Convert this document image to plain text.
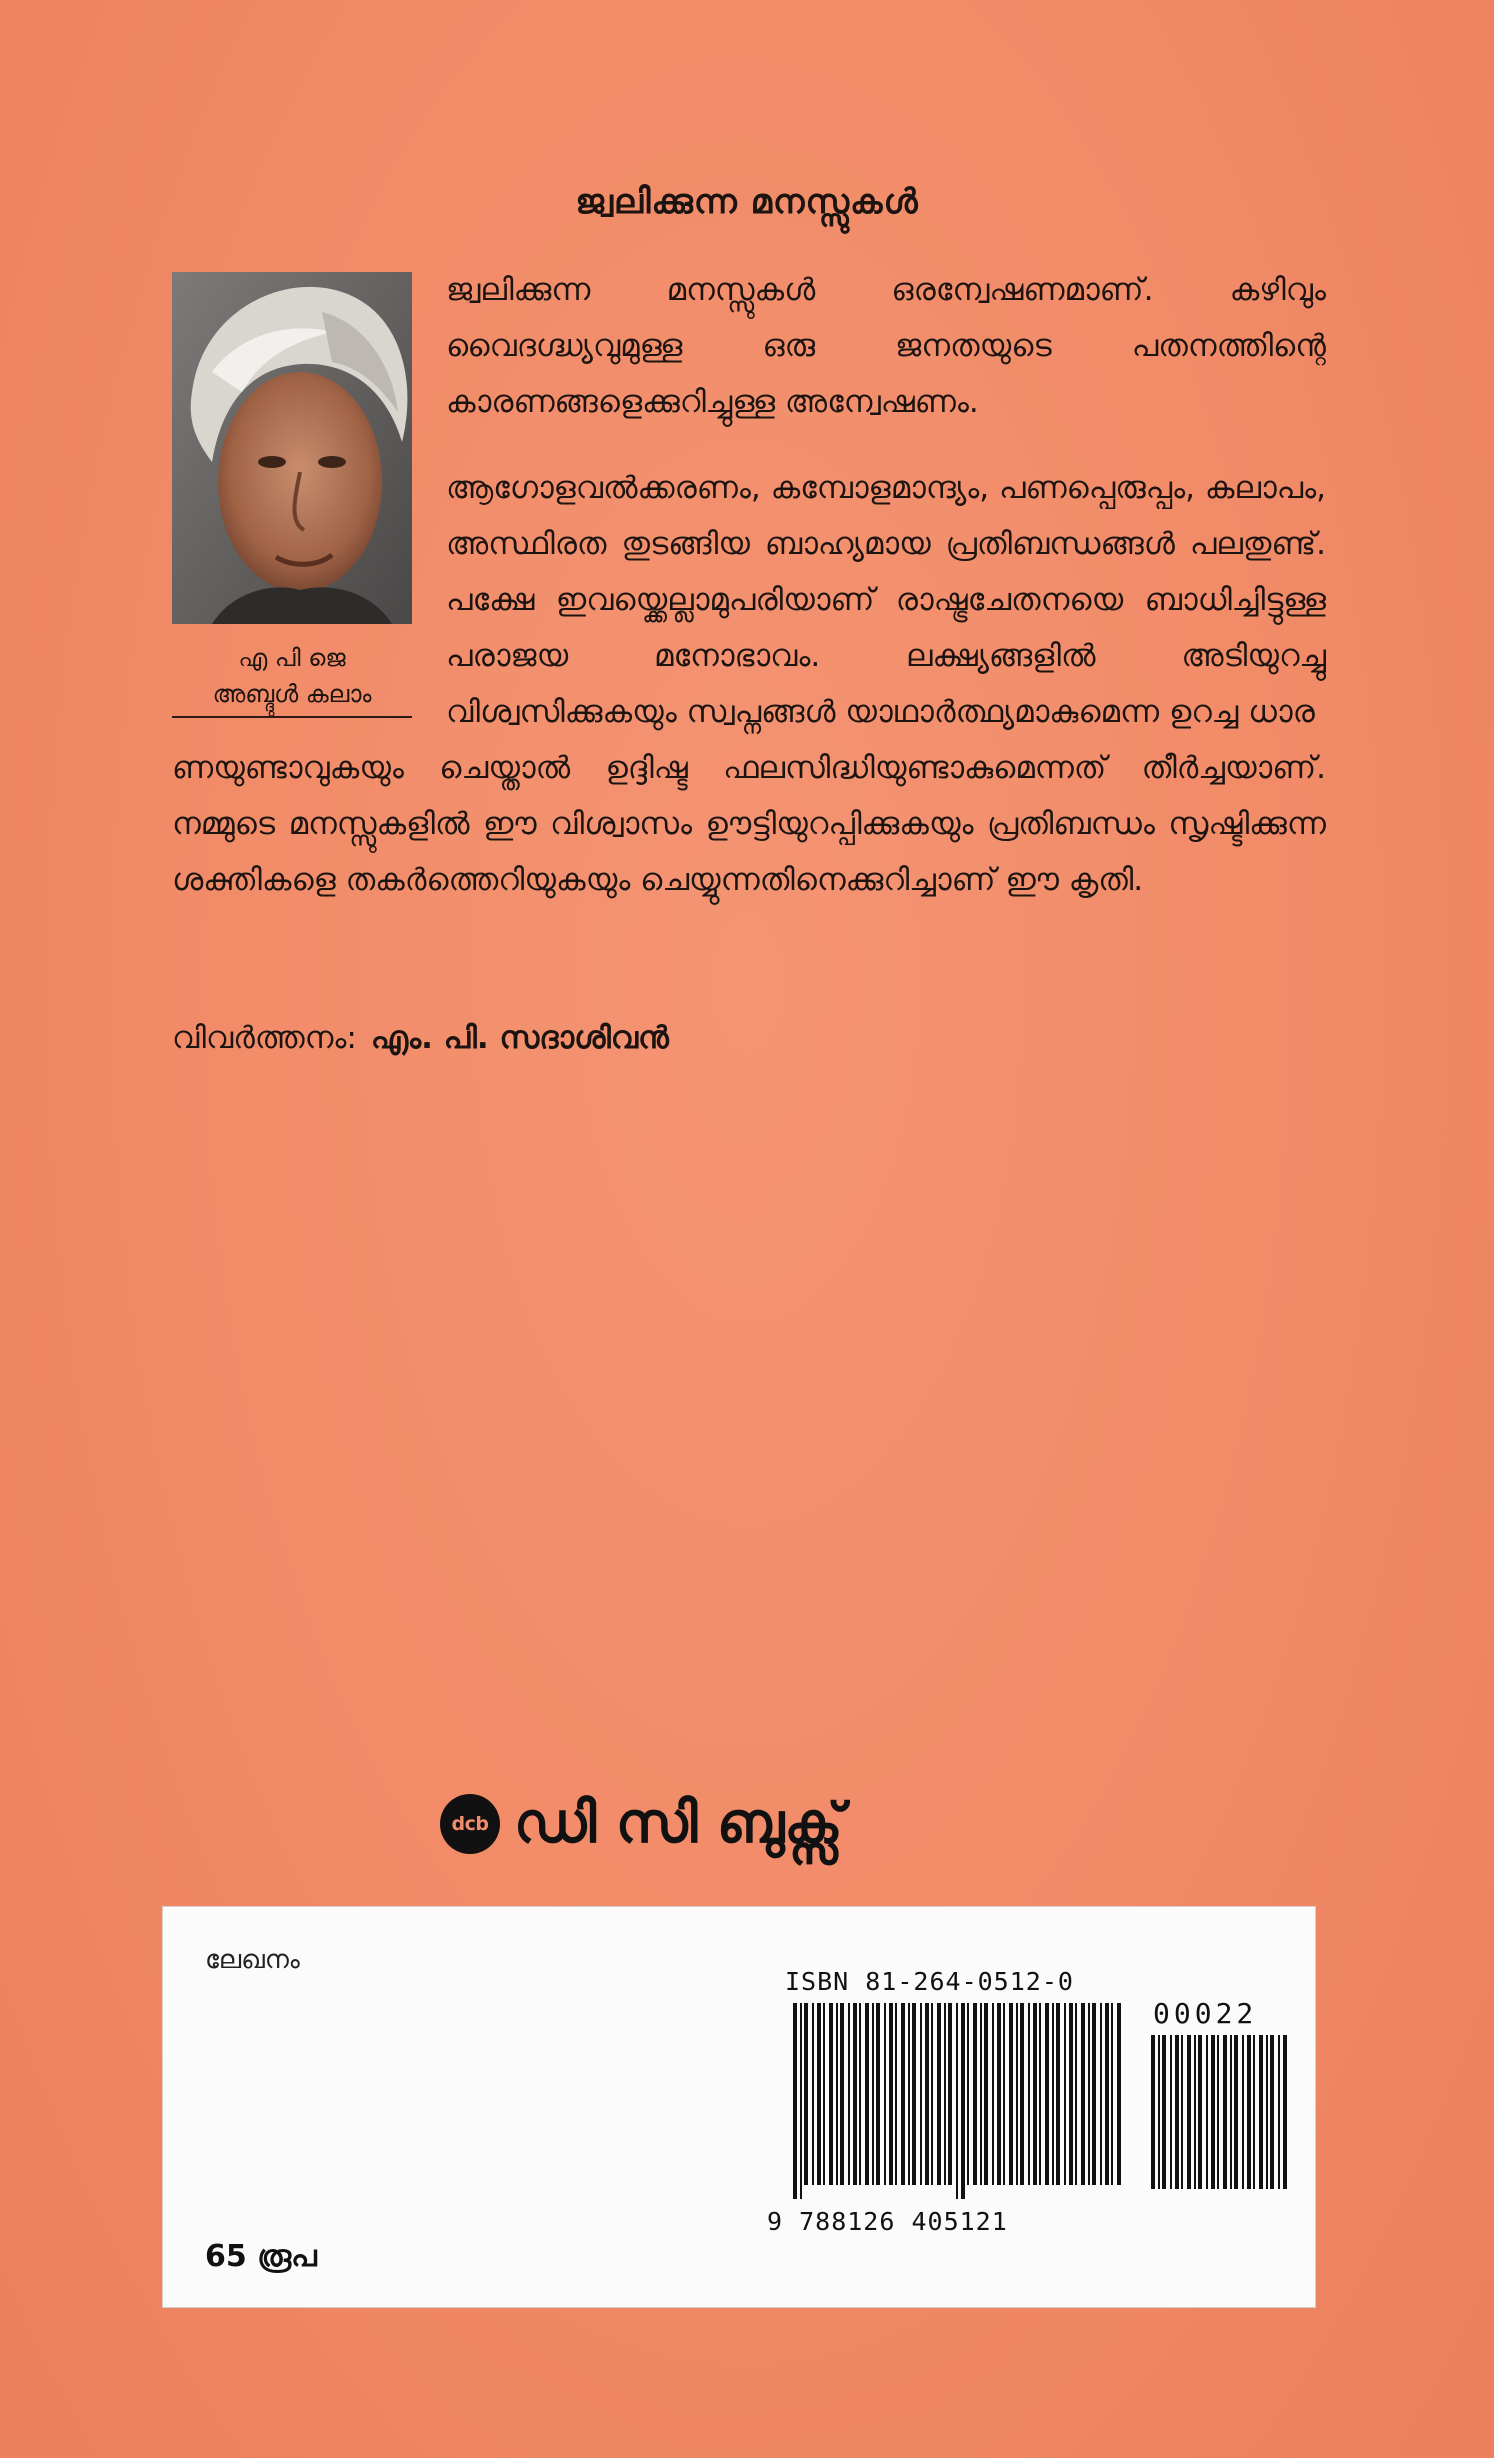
ജ്വലിക്കുന്ന മനസ്സുകൾ
എ പി ജെ
അബ്ദുൾ കലാം
ജ്വലിക്കുന്ന മനസ്സുകൾ ഒരന്വേഷണമാണ്. കഴിവും വൈദഗ്ദ്ധ്യവുമുള്ള ഒരു ജനതയുടെ പതനത്തിന്റെ കാരണങ്ങളെക്കുറിച്ചുള്ള അന്വേഷണം.
ആഗോളവൽക്കരണം, കമ്പോളമാന്ദ്യം, പണപ്പെരുപ്പം, കലാപം, അസ്ഥിരത തുടങ്ങിയ ബാഹ്യമായ പ്രതിബന്ധങ്ങൾ പലതുണ്ട്. പക്ഷേ ഇവയ്ക്കെല്ലാമുപരിയാണ് രാഷ്ട്രചേതനയെ ബാധിച്ചിട്ടുള്ള പരാജയ മനോഭാവം. ലക്ഷ്യങ്ങളിൽ അടിയുറച്ചു വിശ്വസിക്കുകയും സ്വപ്നങ്ങൾ യാഥാർത്ഥ്യമാകുമെന്ന ഉറച്ച ധാര
ണയുണ്ടാവുകയും ചെയ്താൽ ഉദ്ദിഷ്ട ഫലസിദ്ധിയുണ്ടാകുമെന്നത് തീർച്ചയാണ്. നമ്മുടെ മനസ്സുകളിൽ ഈ വിശ്വാസം ഊട്ടിയുറപ്പിക്കുകയും പ്രതിബന്ധം സൃഷ്ടിക്കുന്ന ശക്തികളെ തകർത്തെറിയുകയും ചെയ്യുന്നതിനെക്കുറിച്ചാണ് ഈ കൃതി.
വിവർത്തനം: എം. പി. സദാശിവൻ
dcb ഡി സി ബുക്സ്
ലേഖനം
65 രൂപ
ISBN 81-264-0512-0
9 788126 405121
00022
